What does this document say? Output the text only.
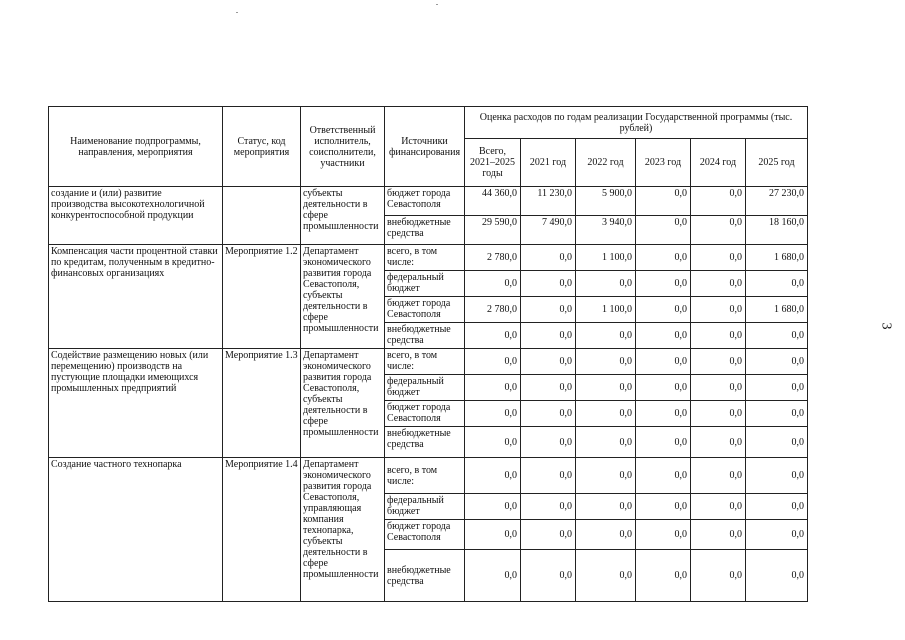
Наименование подпрограммы, направления, мероприятия	Статус, код мероприятия	Ответственный исполнитель, соисполнители, участники	Источники финансирования	Оценка расходов по годам реализации Государственной программы (тыс. рублей)					
				Всего, 2021–2025 годы	2021 год	2022 год	2023 год	2024 год	2025 год
создание и (или) развитие производства высокотехнологичной конкурентоспособной продукции		субъекты деятельности в сфере промышленности	бюджет города Севастополя	44 360,0	11 230,0	5 900,0	0,0	0,0	27 230,0
			внебюджетные средства	29 590,0	7 490,0	3 940,0	0,0	0,0	18 160,0
Компенсация части процентной ставки по кредитам, полученным в кредитно-финансовых организациях	Мероприятие 1.2	Департамент экономического развития города Севастополя, субъекты деятельности в сфере промышленности	всего, в том числе:	2 780,0	0,0	1 100,0	0,0	0,0	1 680,0
			федеральный бюджет	0,0	0,0	0,0	0,0	0,0	0,0
			бюджет города Севастополя	2 780,0	0,0	1 100,0	0,0	0,0	1 680,0
			внебюджетные средства	0,0	0,0	0,0	0,0	0,0	0,0
Содействие размещению новых (или перемещению) производств на пустующие площадки имеющихся промышленных предприятий	Мероприятие 1.3	Департамент экономического развития города Севастополя, субъекты деятельности в сфере промышленности	всего, в том числе:	0,0	0,0	0,0	0,0	0,0	0,0
			федеральный бюджет	0,0	0,0	0,0	0,0	0,0	0,0
			бюджет города Севастополя	0,0	0,0	0,0	0,0	0,0	0,0
			внебюджетные средства	0,0	0,0	0,0	0,0	0,0	0,0
Создание частного технопарка	Мероприятие 1.4	Департамент экономического развития города Севастополя, управляющая компания технопарка, субъекты деятельности в сфере промышленности	всего, в том числе:	0,0	0,0	0,0	0,0	0,0	0,0
			федеральный бюджет	0,0	0,0	0,0	0,0	0,0	0,0
			бюджет города Севастополя	0,0	0,0	0,0	0,0	0,0	0,0
			внебюджетные средства	0,0	0,0	0,0	0,0	0,0	0,0
3
